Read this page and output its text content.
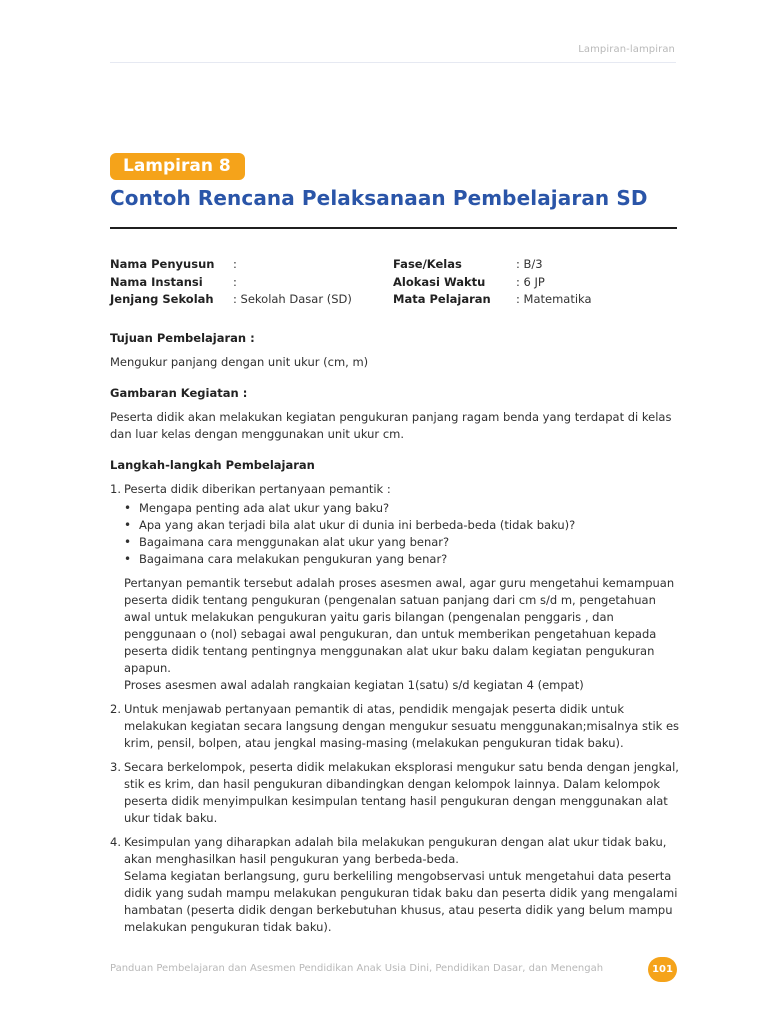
Lampiran-lampiran
Lampiran 8
Contoh Rencana Pelaksanaan Pembelajaran SD
Nama Penyusun	:
Nama Instansi	:
Jenjang Sekolah	: Sekolah Dasar (SD)
Fase/Kelas	: B/3
Alokasi Waktu	: 6 JP
Mata Pelajaran	: Matematika
Tujuan Pembelajaran :

Mengukur panjang dengan unit ukur (cm, m)

Gambaran Kegiatan :

Peserta didik akan melakukan kegiatan pengukuran panjang ragam benda yang terdapat di kelas dan luar kelas dengan menggunakan unit ukur cm.

Langkah-langkah Pembelajaran
1. Peserta didik diberikan pertanyaan pemantik :

• Mengapa penting ada alat ukur yang baku?
• Apa yang akan terjadi bila alat ukur di dunia ini berbeda-beda (tidak baku)?
• Bagaimana cara menggunakan alat ukur yang benar?
• Bagaimana cara melakukan pengukuran yang benar?

Pertanyan pemantik tersebut adalah proses asesmen awal, agar guru mengetahui kemampuan peserta didik tentang pengukuran (pengenalan satuan panjang dari cm s/d m, pengetahuan awal untuk melakukan pengukuran yaitu garis bilangan (pengenalan penggaris , dan penggunaan o (nol) sebagai awal pengukuran, dan untuk memberikan pengetahuan kepada peserta didik tentang pentingnya menggunakan alat ukur baku dalam kegiatan pengukuran apapun.

Proses asesmen awal adalah rangkaian kegiatan 1(satu) s/d kegiatan 4 (empat)

2. Untuk menjawab pertanyaan pemantik di atas, pendidik mengajak peserta didik untuk melakukan kegiatan secara langsung dengan mengukur sesuatu menggunakan;misalnya stik es krim, pensil, bolpen, atau jengkal masing-masing (melakukan pengukuran tidak baku).

3. Secara berkelompok, peserta didik melakukan eksplorasi mengukur satu benda dengan jengkal, stik es krim, dan hasil pengukuran dibandingkan dengan kelompok lainnya. Dalam kelompok peserta didik menyimpulkan kesimpulan tentang hasil pengukuran dengan menggunakan alat ukur tidak baku.

4. Kesimpulan yang diharapkan adalah bila melakukan pengukuran dengan alat ukur tidak baku, akan menghasilkan hasil pengukuran yang berbeda-beda.

Selama kegiatan berlangsung, guru berkeliling mengobservasi untuk mengetahui data peserta didik yang sudah mampu melakukan pengukuran tidak baku dan peserta didik yang mengalami hambatan (peserta didik dengan berkebutuhan khusus, atau peserta didik yang belum mampu melakukan pengukuran tidak baku).

Panduan Pembelajaran dan Asesmen Pendidikan Anak Usia Dini, Pendidikan Dasar, dan Menengah	101
